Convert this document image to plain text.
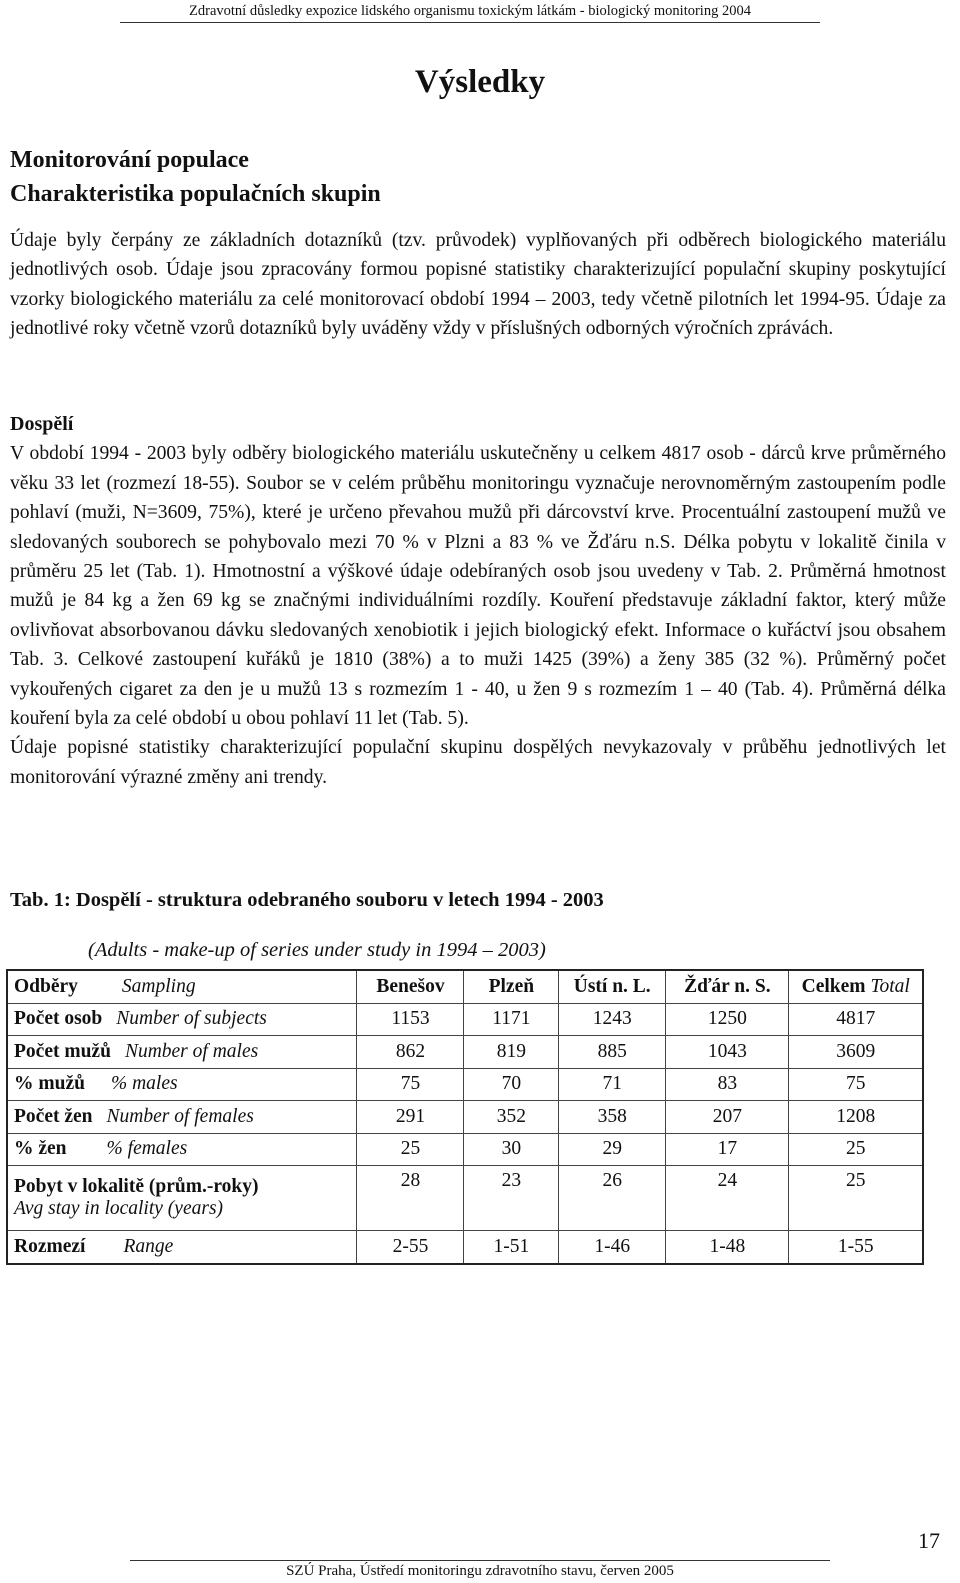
Zdravotní důsledky expozice lidského organismu toxickým látkám - biologický monitoring 2004
Výsledky
Monitorování populace
Charakteristika populačních skupin

Údaje byly čerpány ze základních dotazníků (tzv. průvodek) vyplňovaných při odběrech biologického materiálu jednotlivých osob. Údaje jsou zpracovány formou popisné statistiky charakterizující populační skupiny poskytující vzorky biologického materiálu za celé monitorovací období 1994 – 2003, tedy včetně pilotních let 1994-95. Údaje za jednotlivé roky včetně vzorů dotazníků byly uváděny vždy v příslušných odborných výročních zprávách.

Dospělí

V období 1994 - 2003 byly odběry biologického materiálu uskutečněny u celkem 4817 osob - dárců krve průměrného věku 33 let (rozmezí 18-55). Soubor se v celém průběhu monitoringu vyznačuje nerovnoměrným zastoupením podle pohlaví (muži, N=3609, 75%), které je určeno převahou mužů při dárcovství krve. Procentuální zastoupení mužů ve sledovaných souborech se pohybovalo mezi 70 % v Plzni a 83 % ve Žďáru n.S. Délka pobytu v lokalitě činila v průměru 25 let (Tab. 1). Hmotnostní a výškové údaje odebíraných osob jsou uvedeny v Tab. 2. Průměrná hmotnost mužů je 84 kg a žen 69 kg se značnými individuálními rozdíly. Kouření představuje základní faktor, který může ovlivňovat absorbovanou dávku sledovaných xenobiotik i jejich biologický efekt. Informace o kuřáctví jsou obsahem Tab. 3. Celkové zastoupení kuřáků je 1810 (38%) a to muži 1425 (39%) a ženy 385 (32 %). Průměrný počet vykouřených cigaret za den je u mužů 13 s rozmezím 1 - 40, u žen 9 s rozmezím 1 – 40 (Tab. 4). Průměrná délka kouření byla za celé období u obou pohlaví 11 let (Tab. 5).

Údaje popisné statistiky charakterizující populační skupinu dospělých nevykazovaly v průběhu jednotlivých let monitorování výrazné změny ani trendy.

Tab. 1: Dospělí - struktura odebraného souboru v letech 1994 - 2003
(Adults - make-up of series under study in 1994 – 2003)
Odběry Sampling	Benešov	Plzeň	Ústí n. L.	Žďár n. S.	Celkem Total
Počet osob Number of subjects	1153	1171	1243	1250	4817
Počet mužů Number of males	862	819	885	1043	3609
% mužů % males	75	70	71	83	75
Počet žen Number of females	291	352	358	207	1208
% žen % females	25	30	29	17	25
Pobyt v lokalitě (prům.-roky)
Avg stay in locality (years)	28	23	26	24	25
Rozmezí Range	2-55	1-51	1-46	1-48	1-55
17
SZÚ Praha, Ústředí monitoringu zdravotního stavu, červen 2005
